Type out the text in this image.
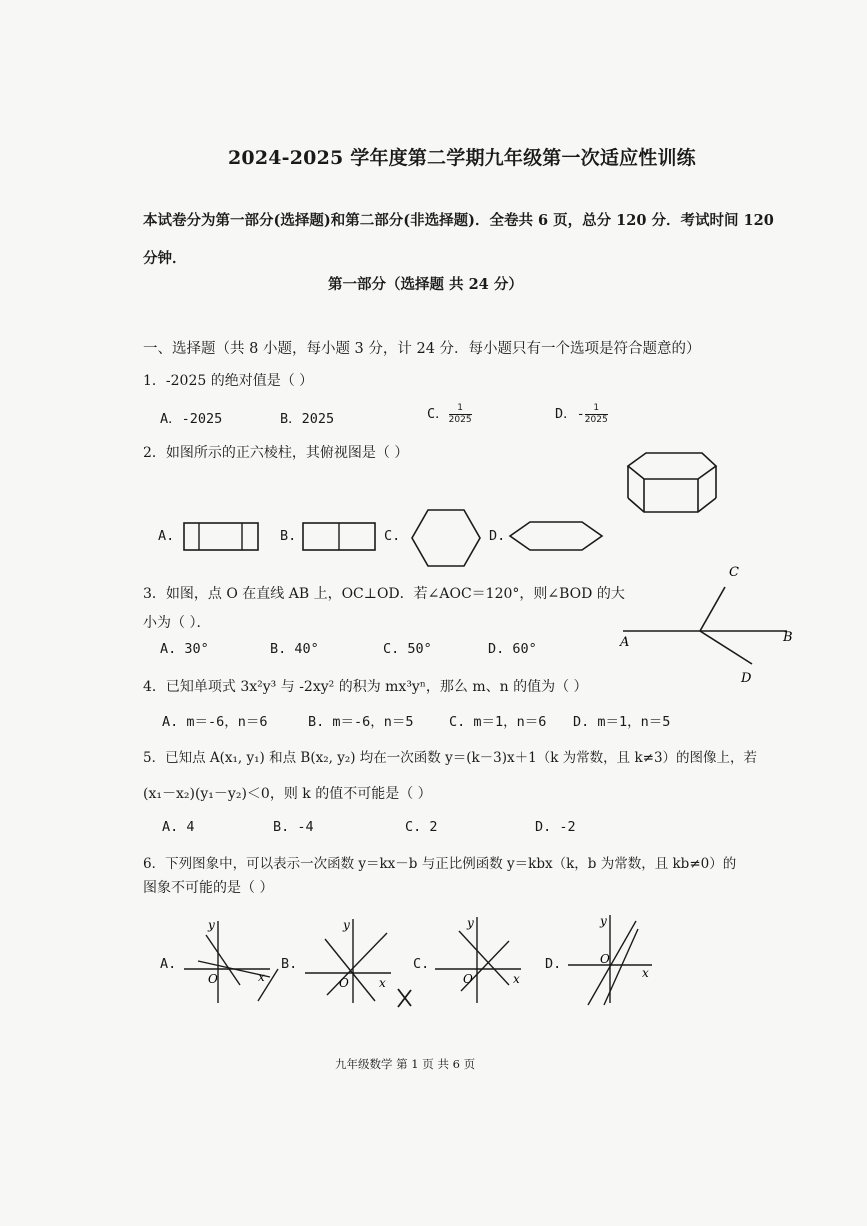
2024-2025 学年度第二学期九年级第一次适应性训练
本试卷分为第一部分(选择题)和第二部分(非选择题)．全卷共 6 页，总分 120 分．考试时间 120
分钟．
第一部分（选择题 共 24 分）
一、选择题（共 8 小题，每小题 3 分，计 24 分．每小题只有一个选项是符合题意的）
1．-2025 的绝对值是（ ）
A．-2025	B．2025	C． $\frac{1}{2025}$	D．- $\frac{1}{2025}$
2．如图所示的正六棱柱，其俯视图是（ ）
A.	B.	C.	D.
3．如图，点 O 在直线 AB 上，OC⊥OD．若∠AOC＝120°，则∠BOD 的大
小为（ ）．
A. 30°	B. 40°	C. 50°	D. 60°	A	B
C
D
4．已知单项式 3x²y³ 与 -2xy² 的积为 mx³yⁿ，那么 m、n 的值为（ ）
A. m＝-6，n＝6	B. m＝-6，n＝5	C. m＝1，n＝6 D. m＝1，n＝5
5．已知点 A(x₁, y₁) 和点 B(x₂, y₂) 均在一次函数 y＝(k－3)x＋1（k 为常数，且 k≠3）的图像上，若
(x₁－x₂)(y₁－y₂)＜0，则 k 的值不可能是（ ）
A. 4	B. -4	C. 2	D. -2
6．下列图象中，可以表示一次函数 y＝kx－b 与正比例函数 y＝kbx（k，b 为常数，且 kb≠0）的
图象不可能的是（ ）
A.
y
x
O
B.
y
x
O
C.
y
x
O
D.
y
x
O
九年级数学 第 1 页 共 6 页
